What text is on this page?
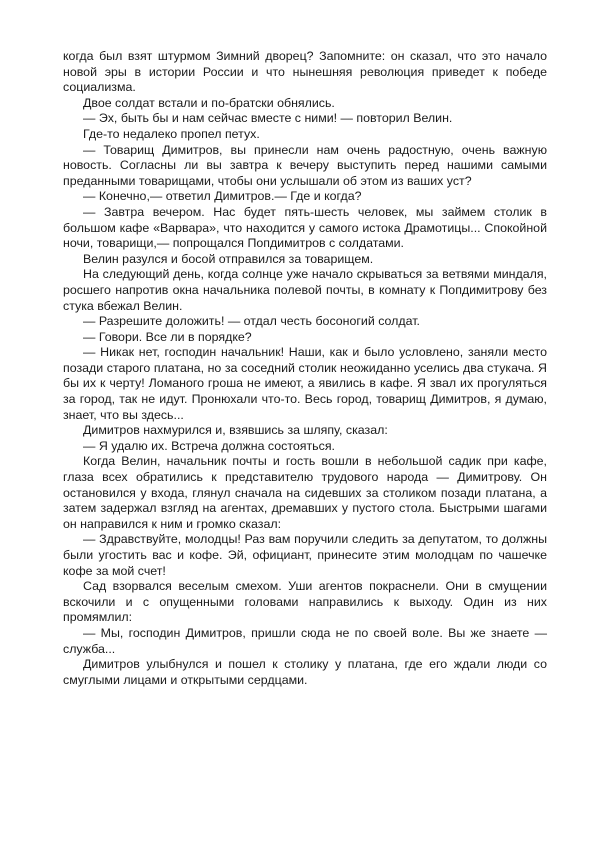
когда был взят штурмом Зимний дворец? Запомните: он сказал, что это начало новой эры в истории России и что нынешняя революция приведет к победе социализма.

Двое солдат встали и по-братски обнялись.

— Эх, быть бы и нам сейчас вместе с ними! — повторил Велин.

Где-то недалеко пропел петух.

— Товарищ Димитров, вы принесли нам очень радостную, очень важную новость. Согласны ли вы завтра к вечеру выступить перед нашими самыми преданными товарищами, чтобы они услышали об этом из ваших уст?

— Конечно,— ответил Димитров.— Где и когда?

— Завтра вечером. Нас будет пять-шесть человек, мы займем столик в большом кафе «Варвара», что находится у самого истока Драмотицы... Спокойной ночи, товарищи,— попрощался Попдимитров с солдатами.

Велин разулся и босой отправился за товарищем.

На следующий день, когда солнце уже начало скрываться за ветвями миндаля, росшего напротив окна начальника полевой почты, в комнату к Попдимитрову без стука вбежал Велин.

— Разрешите доложить! — отдал честь босоногий солдат.

— Говори. Все ли в порядке?

— Никак нет, господин начальник! Наши, как и было условлено, заняли место позади старого платана, но за соседний столик неожиданно уселись два стукача. Я бы их к черту! Ломаного гроша не имеют, а явились в кафе. Я звал их прогуляться за город, так не идут. Пронюхали что-то. Весь город, товарищ Димитров, я думаю, знает, что вы здесь...

Димитров нахмурился и, взявшись за шляпу, сказал:

— Я удалю их. Встреча должна состояться.

Когда Велин, начальник почты и гость вошли в небольшой садик при кафе, глаза всех обратились к представителю трудового народа — Димитрову. Он остановился у входа, глянул сначала на сидевших за столиком позади платана, а затем задержал взгляд на агентах, дремавших у пустого стола. Быстрыми шагами он направился к ним и громко сказал:

— Здравствуйте, молодцы! Раз вам поручили следить за депутатом, то должны были угостить вас и кофе. Эй, официант, принесите этим молодцам по чашечке кофе за мой счет!

Сад взорвался веселым смехом. Уши агентов покраснели. Они в смущении вскочили и с опущенными головами направились к выходу. Один из них промямлил:

— Мы, господин Димитров, пришли сюда не по своей воле. Вы же знаете — служба...

Димитров улыбнулся и пошел к столику у платана, где его ждали люди со смуглыми лицами и открытыми сердцами.
